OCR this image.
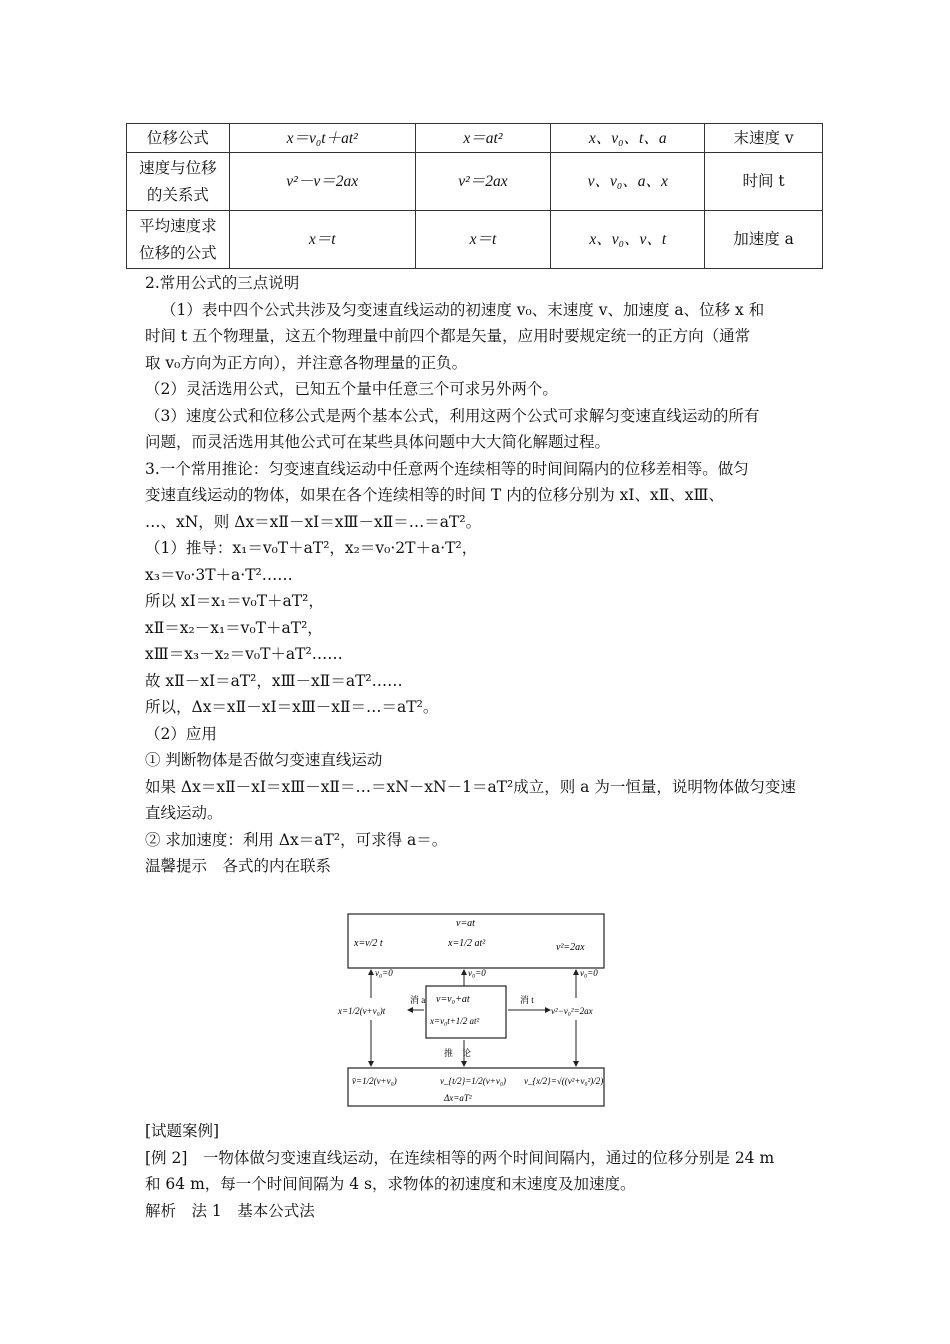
位移公式	x＝v₀t＋at²	x＝at²	x、v₀、t、a	末速度 v

速度与位移
的关系式	v²－v＝2ax	v²＝2ax	v、v₀、a、x	时间 t

平均速度求
位移的公式	x＝t	x＝t	x、v₀、v、t	加速度 a

2.常用公式的三点说明

（1）表中四个公式共涉及匀变速直线运动的初速度 v₀、末速度 v、加速度 a、位移 x 和

时间 t 五个物理量，这五个物理量中前四个都是矢量，应用时要规定统一的正方向（通常

取 v₀方向为正方向），并注意各物理量的正负。

（2）灵活选用公式，已知五个量中任意三个可求另外两个。

（3）速度公式和位移公式是两个基本公式，利用这两个公式可求解匀变速直线运动的所有

问题，而灵活选用其他公式可在某些具体问题中大大简化解题过程。

3.一个常用推论：匀变速直线运动中任意两个连续相等的时间间隔内的位移差相等。做匀

变速直线运动的物体，如果在各个连续相等的时间 T 内的位移分别为 xⅠ、xⅡ、xⅢ、

…、xN，则 Δx＝xⅡ－xⅠ＝xⅢ－xⅡ＝…＝aT²。

（1）推导：x₁＝v₀T＋aT²，x₂＝v₀·2T＋a·T²，

x₃＝v₀·3T＋a·T²……

所以 xⅠ＝x₁＝v₀T＋aT²，

xⅡ＝x₂－x₁＝v₀T＋aT²，

xⅢ＝x₃－x₂＝v₀T＋aT²……

故 xⅡ－xⅠ＝aT²，xⅢ－xⅡ＝aT²……

所以，Δx＝xⅡ－xⅠ＝xⅢ－xⅡ＝…＝aT²。

（2）应用

① 判断物体是否做匀变速直线运动

如果 Δx＝xⅡ－xⅠ＝xⅢ－xⅡ＝…＝xN－xN－1＝aT²成立，则 a 为一恒量，说明物体做匀变速

直线运动。

② 求加速度：利用 Δx＝aT²，可求得 a＝。

温馨提示　各式的内在联系

v=at
x=v/2 t	x=1/2 at²	v²=2ax
v₀=0	v₀=0	v₀=0
v=v₀+at
x=v₀t+1/2 at²
消 a
x=1/2(v+v₀)t
消 t
v²−v₀²=2ax
推　论
v̄=1/2(v+v₀)	v_{t/2}=1/2(v+v₀) v_{x/2}=√((v²+v₀²)/2)
Δx=aT²

[试题案例]

[例 2]　一物体做匀变速直线运动，在连续相等的两个时间间隔内，通过的位移分别是 24 m

和 64 m，每一个时间间隔为 4 s，求物体的初速度和末速度及加速度。

解析　法 1　基本公式法
